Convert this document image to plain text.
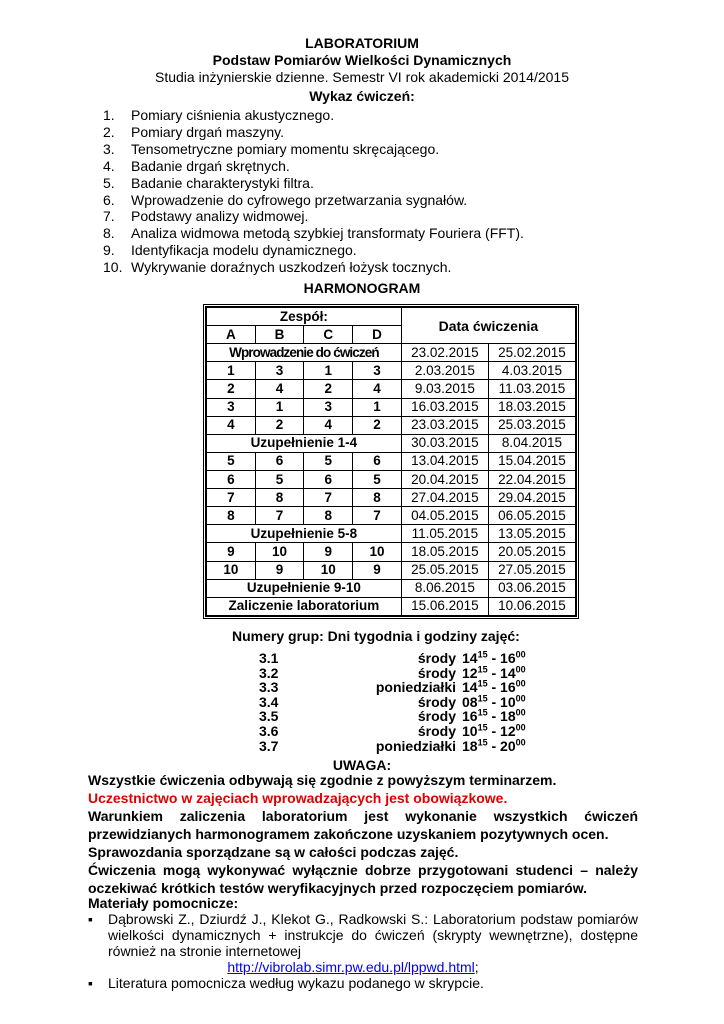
LABORATORIUM
Podstaw Pomiarów Wielkości Dynamicznych
Studia inżynierskie dzienne. Semestr VI rok akademicki 2014/2015
Wykaz ćwiczeń:
1. Pomiary ciśnienia akustycznego.
2. Pomiary drgań maszyny.
3. Tensometryczne pomiary momentu skręcającego.
4. Badanie drgań skrętnych.
5. Badanie charakterystyki filtra.
6. Wprowadzenie do cyfrowego przetwarzania sygnałów.
7. Podstawy analizy widmowej.
8. Analiza widmowa metodą szybkiej transformaty Fouriera (FFT).
9. Identyfikacja modelu dynamicznego.
10. Wykrywanie doraźnych uszkodzeń łożysk tocznych.
HARMONOGRAM
Zespół:				Data ćwiczenia	
A	B	C	D		
Wprowadzenie do ćwiczeń				23.02.2015	25.02.2015
1	3	1	3	2.03.2015	4.03.2015
2	4	2	4	9.03.2015	11.03.2015
3	1	3	1	16.03.2015	18.03.2015
4	2	4	2	23.03.2015	25.03.2015
Uzupełnienie 1-4				30.03.2015	8.04.2015
5	6	5	6	13.04.2015	15.04.2015
6	5	6	5	20.04.2015	22.04.2015
7	8	7	8	27.04.2015	29.04.2015
8	7	8	7	04.05.2015	06.05.2015
Uzupełnienie 5-8				11.05.2015	13.05.2015
9	10	9	10	18.05.2015	20.05.2015
10	9	10	9	25.05.2015	27.05.2015
Uzupełnienie 9-10				8.06.2015	03.06.2015
Zaliczenie laboratorium				15.06.2015	10.06.2015
Numery grup: Dni tygodnia i godziny zajęć:
3.1	środy $14^{15} - 16^{00}$
3.2	środy $12^{15} - 14^{00}$
3.3	poniedziałki $14^{15} - 16^{00}$
3.4	środy $08^{15} - 10^{00}$
3.5	środy $16^{15} - 18^{00}$
3.6	środy $10^{15} - 12^{00}$
3.7	poniedziałki $18^{15} - 20^{00}$
UWAGA:

Wszystkie ćwiczenia odbywają się zgodnie z powyższym terminarzem.

Uczestnictwo w zajęciach wprowadzających jest obowiązkowe.

Warunkiem zaliczenia laboratorium jest wykonanie wszystkich ćwiczeń przewidzianych harmonogramem zakończone uzyskaniem pozytywnych ocen.

Sprawozdania sporządzane są w całości podczas zajęć.

Ćwiczenia mogą wykonywać wyłącznie dobrze przygotowani studenci – należy oczekiwać krótkich testów weryfikacyjnych przed rozpoczęciem pomiarów.

Materiały pomocnicze:
▪ Dąbrowski Z., Dziurdź J., Klekot G., Radkowski S.: Laboratorium podstaw pomiarów wielkości dynamicznych + instrukcje do ćwiczeń (skrypty wewnętrzne), dostępne również na stronie internetowej
http://vibrolab.simr.pw.edu.pl/lppwd.html;
▪ Literatura pomocnicza według wykazu podanego w skrypcie.
